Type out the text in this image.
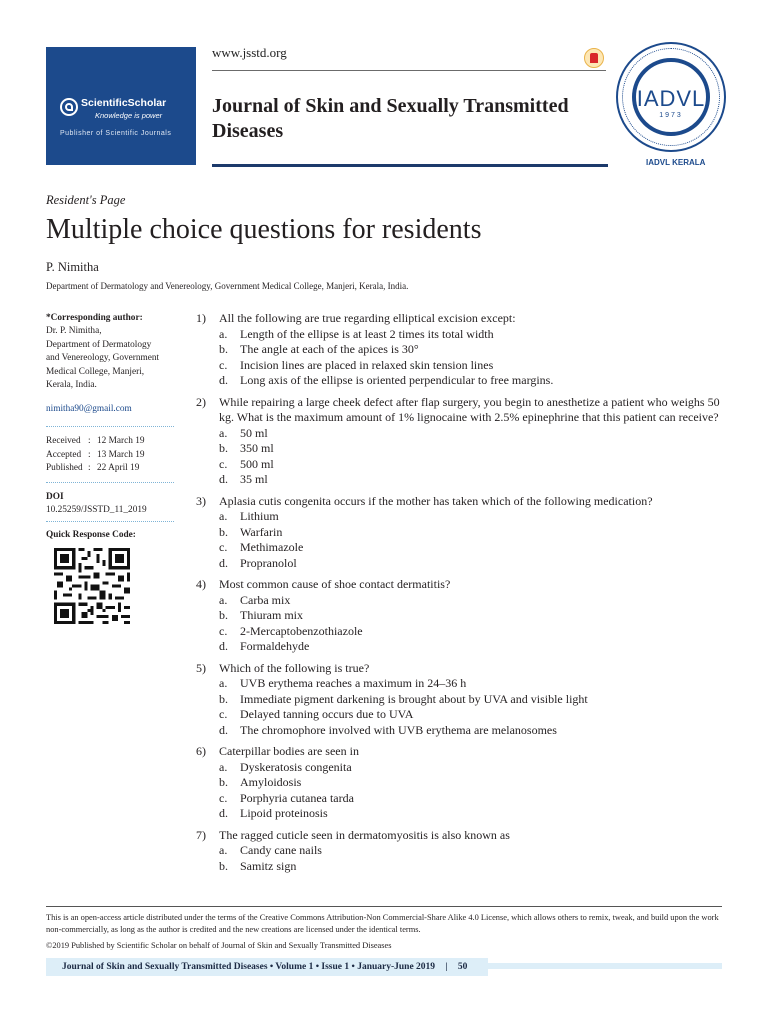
ScientificScholar
Knowledge is power
Publisher of Scientific Journals
www.jsstd.org
Journal of Skin and Sexually Transmitted Diseases
IADVL
1973
IADVL KERALA
Resident's Page
Multiple choice questions for residents
P. Nimitha
Department of Dermatology and Venereology, Government Medical College, Manjeri, Kerala, India.
*Corresponding author:
Dr. P. Nimitha,
Department of Dermatology
and Venereology, Government
Medical College, Manjeri,
Kerala, India.
nimitha90@gmail.com
Received : 12 March 19
Accepted : 13 March 19
Published : 22 April 19
DOI
10.25259/JSSTD_11_2019
Quick Response Code:
1)	All the following are true regarding elliptical excision except:
a.	Length of the ellipse is at least 2 times its total width
b.	The angle at each of the apices is 30°
c.	Incision lines are placed in relaxed skin tension lines
d.	Long axis of the ellipse is oriented perpendicular to free margins.
2)	While repairing a large cheek defect after flap surgery, you begin to anesthetize a patient who weighs 50 kg. What is the maximum amount of 1% lignocaine with 2.5% epinephrine that this patient can receive?
a.	50 ml
b.	350 ml
c.	500 ml
d.	35 ml
3)	Aplasia cutis congenita occurs if the mother has taken which of the following medication?
a.	Lithium
b.	Warfarin
c.	Methimazole
d.	Propranolol
4)	Most common cause of shoe contact dermatitis?
a.	Carba mix
b.	Thiuram mix
c.	2-Mercaptobenzothiazole
d.	Formaldehyde
5)	Which of the following is true?
a.	UVB erythema reaches a maximum in 24–36 h
b.	Immediate pigment darkening is brought about by UVA and visible light
c.	Delayed tanning occurs due to UVA
d.	The chromophore involved with UVB erythema are melanosomes
6)	Caterpillar bodies are seen in
a.	Dyskeratosis congenita
b.	Amyloidosis
c.	Porphyria cutanea tarda
d.	Lipoid proteinosis
7)	The ragged cuticle seen in dermatomyositis is also known as
a.	Candy cane nails
b.	Samitz sign
This is an open-access article distributed under the terms of the Creative Commons Attribution-Non Commercial-Share Alike 4.0 License, which allows others to remix, tweak, and build upon the work non-commercially, as long as the author is credited and the new creations are licensed under the identical terms.
©2019 Published by Scientific Scholar on behalf of Journal of Skin and Sexually Transmitted Diseases
Journal of Skin and Sexually Transmitted Diseases • Volume 1 • Issue 1 • January-June 2019 | 50
